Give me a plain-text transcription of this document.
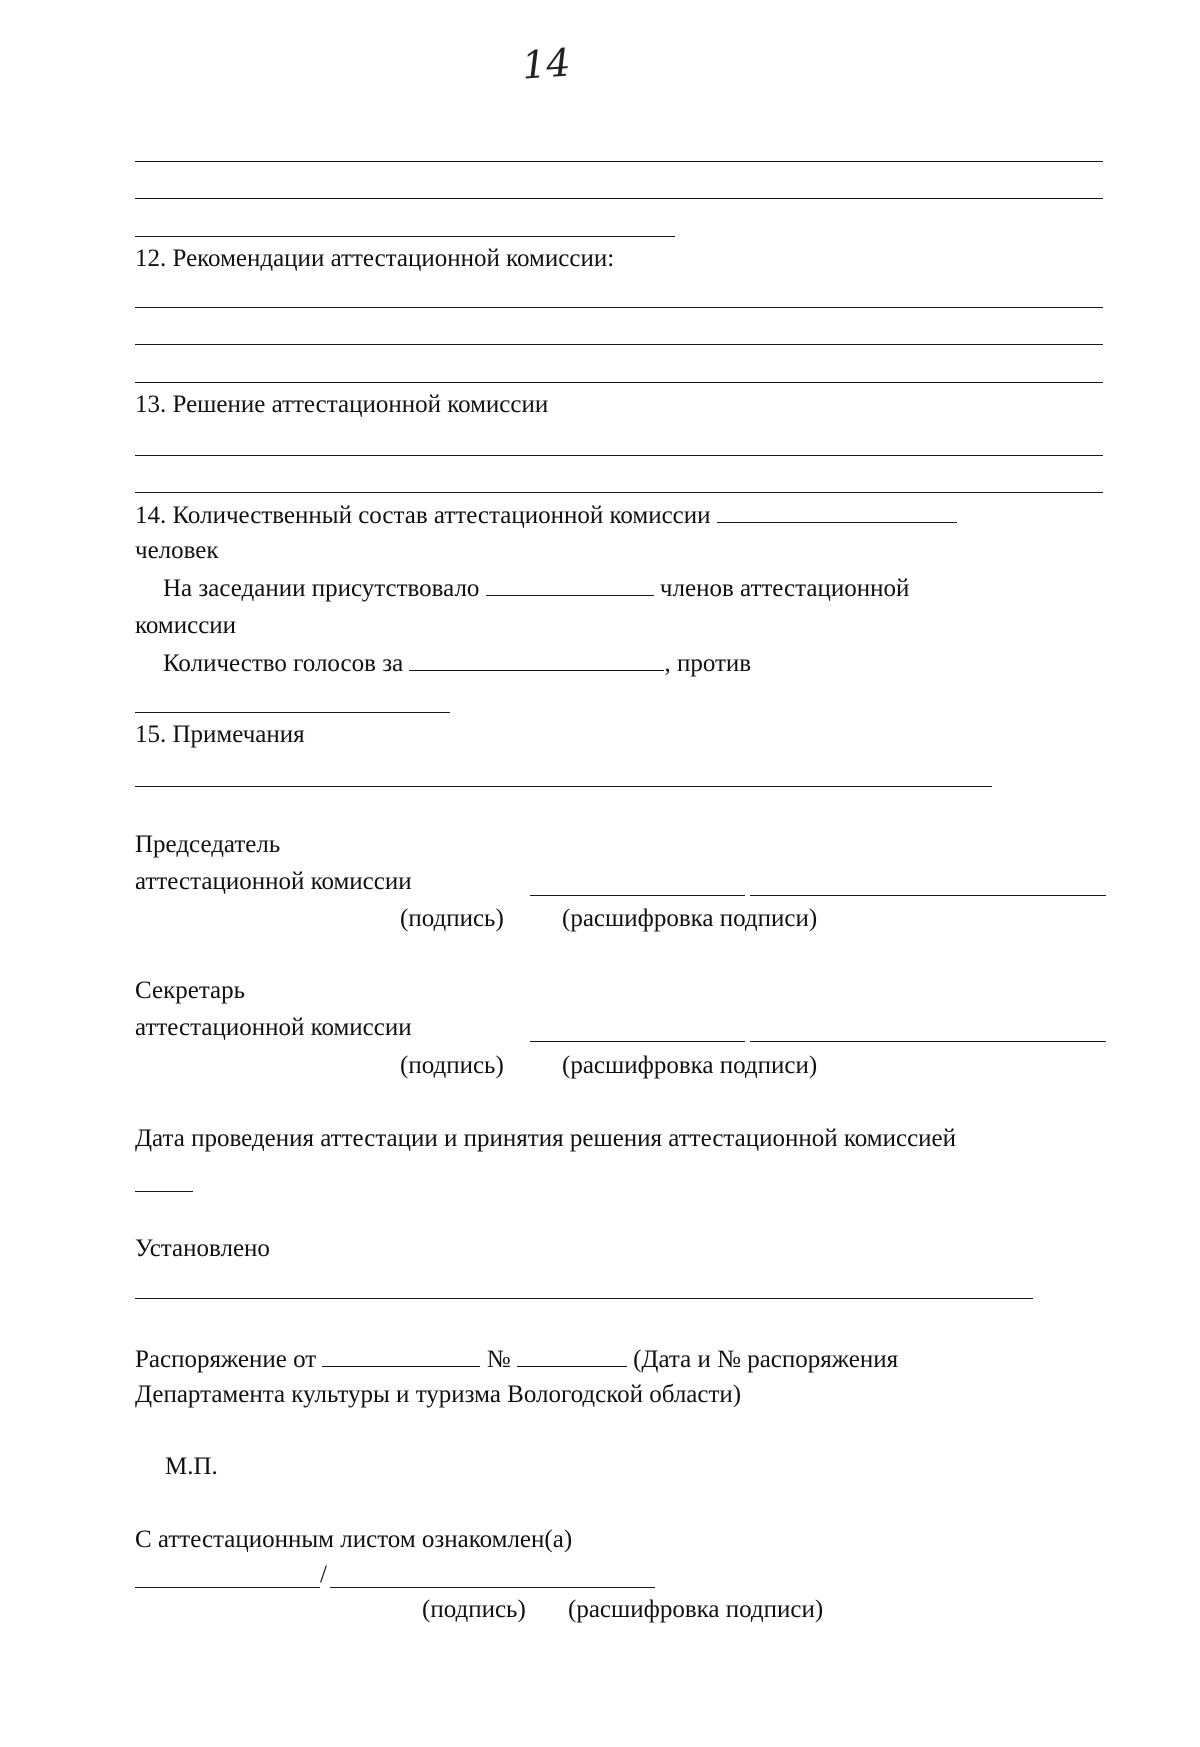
14
12. Рекомендации аттестационной комиссии:
13. Решение аттестационной комиссии
14. Количественный состав аттестационной комиссии
человек
На заседании присутствовало	членов аттестационной
комиссии
Количество голосов за	, против
15. Примечания
Председатель
аттестационной комиссии
(подпись) (расшифровка подписи)
Секретарь
аттестационной комиссии
(подпись) (расшифровка подписи)
Дата проведения аттестации и принятия решения аттестационной комиссией
Установлено
Распоряжение от	№	(Дата и № распоряжения
Департамента культуры и туризма Вологодской области)
М.П.
С аттестационным листом ознакомлен(а)
/
(подпись) (расшифровка подписи)
